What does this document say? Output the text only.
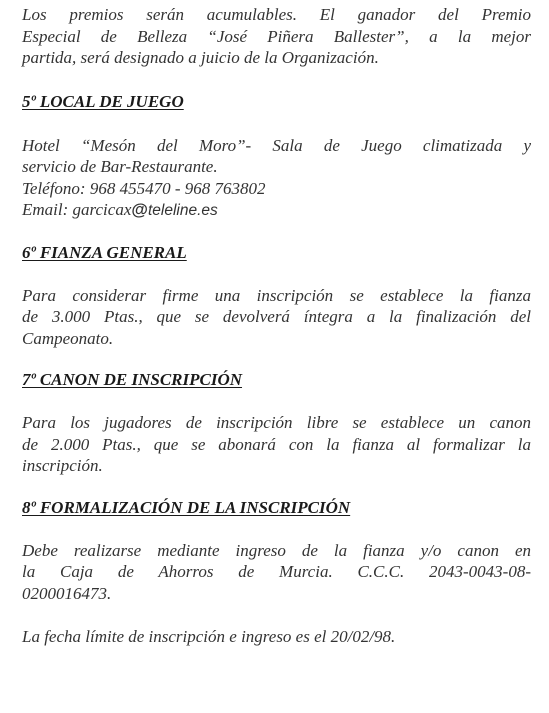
Los premios serán acumulables. El ganador del Premio
Especial de Belleza “José Piñera Ballester”, a la mejor
partida, será designado a juicio de la Organización.

5º LOCAL DE JUEGO

Hotel “Mesón del Moro”- Sala de Juego climatizada y
servicio de Bar-Restaurante.
Teléfono: 968 455470 - 968 763802
Email: garcicax@teleline.es

6º FIANZA GENERAL

Para considerar firme una inscripción se establece la fianza
de 3.000 Ptas., que se devolverá íntegra a la finalización del
Campeonato.

7º CANON DE INSCRIPCIÓN

Para los jugadores de inscripción libre se establece un canon
de 2.000 Ptas., que se abonará con la fianza al formalizar la
inscripción.

8º FORMALIZACIÓN DE LA INSCRIPCIÓN

Debe realizarse mediante ingreso de la fianza y/o canon en
la Caja de Ahorros de Murcia. C.C.C. 2043-0043-08-
0200016473.

La fecha límite de inscripción e ingreso es el 20/02/98.
